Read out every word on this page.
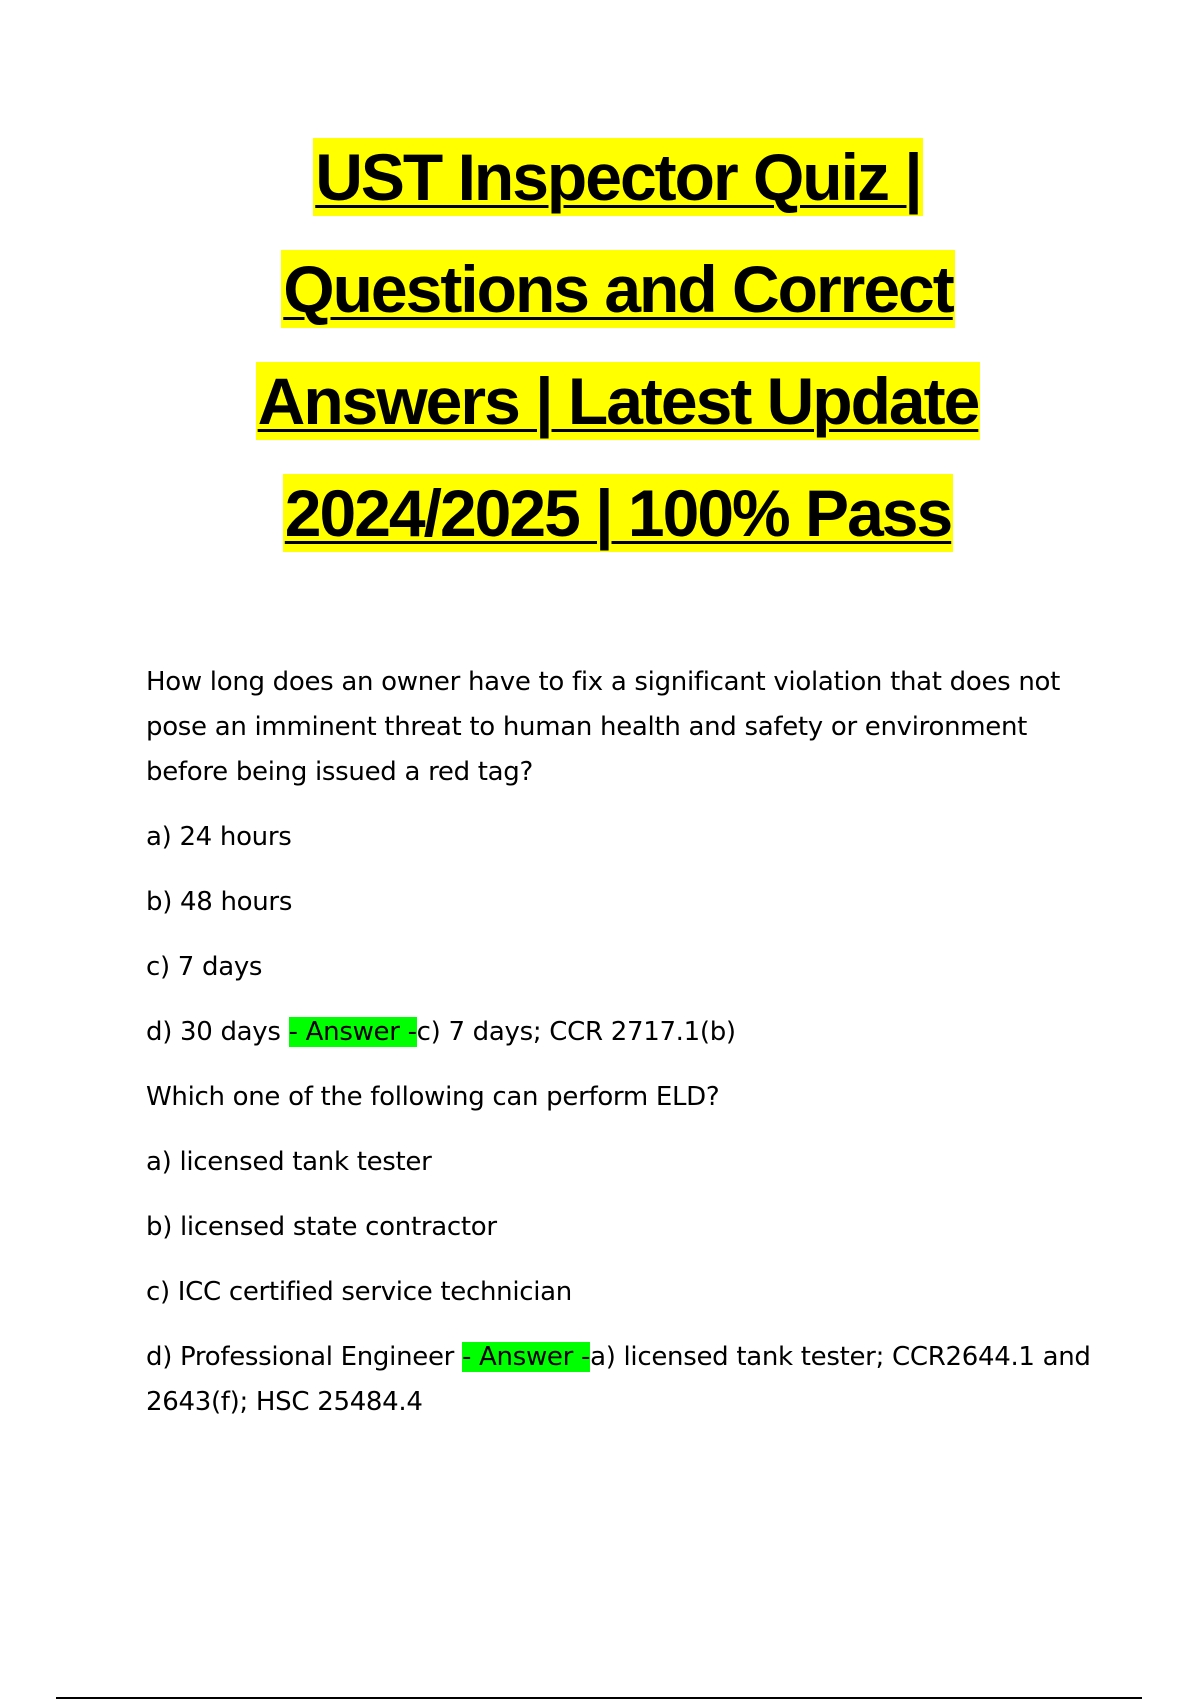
UST Inspector Quiz |
Questions and Correct
Answers | Latest Update
2024/2025 | 100% Pass

How long does an owner have to fix a significant violation that does not pose an imminent threat to human health and safety or environment before being issued a red tag?

a) 24 hours

b) 48 hours

c) 7 days

d) 30 days - Answer -c) 7 days; CCR 2717.1(b)

Which one of the following can perform ELD?

a) licensed tank tester

b) licensed state contractor

c) ICC certified service technician

d) Professional Engineer - Answer -a) licensed tank tester; CCR2644.1 and 2643(f); HSC 25484.4
